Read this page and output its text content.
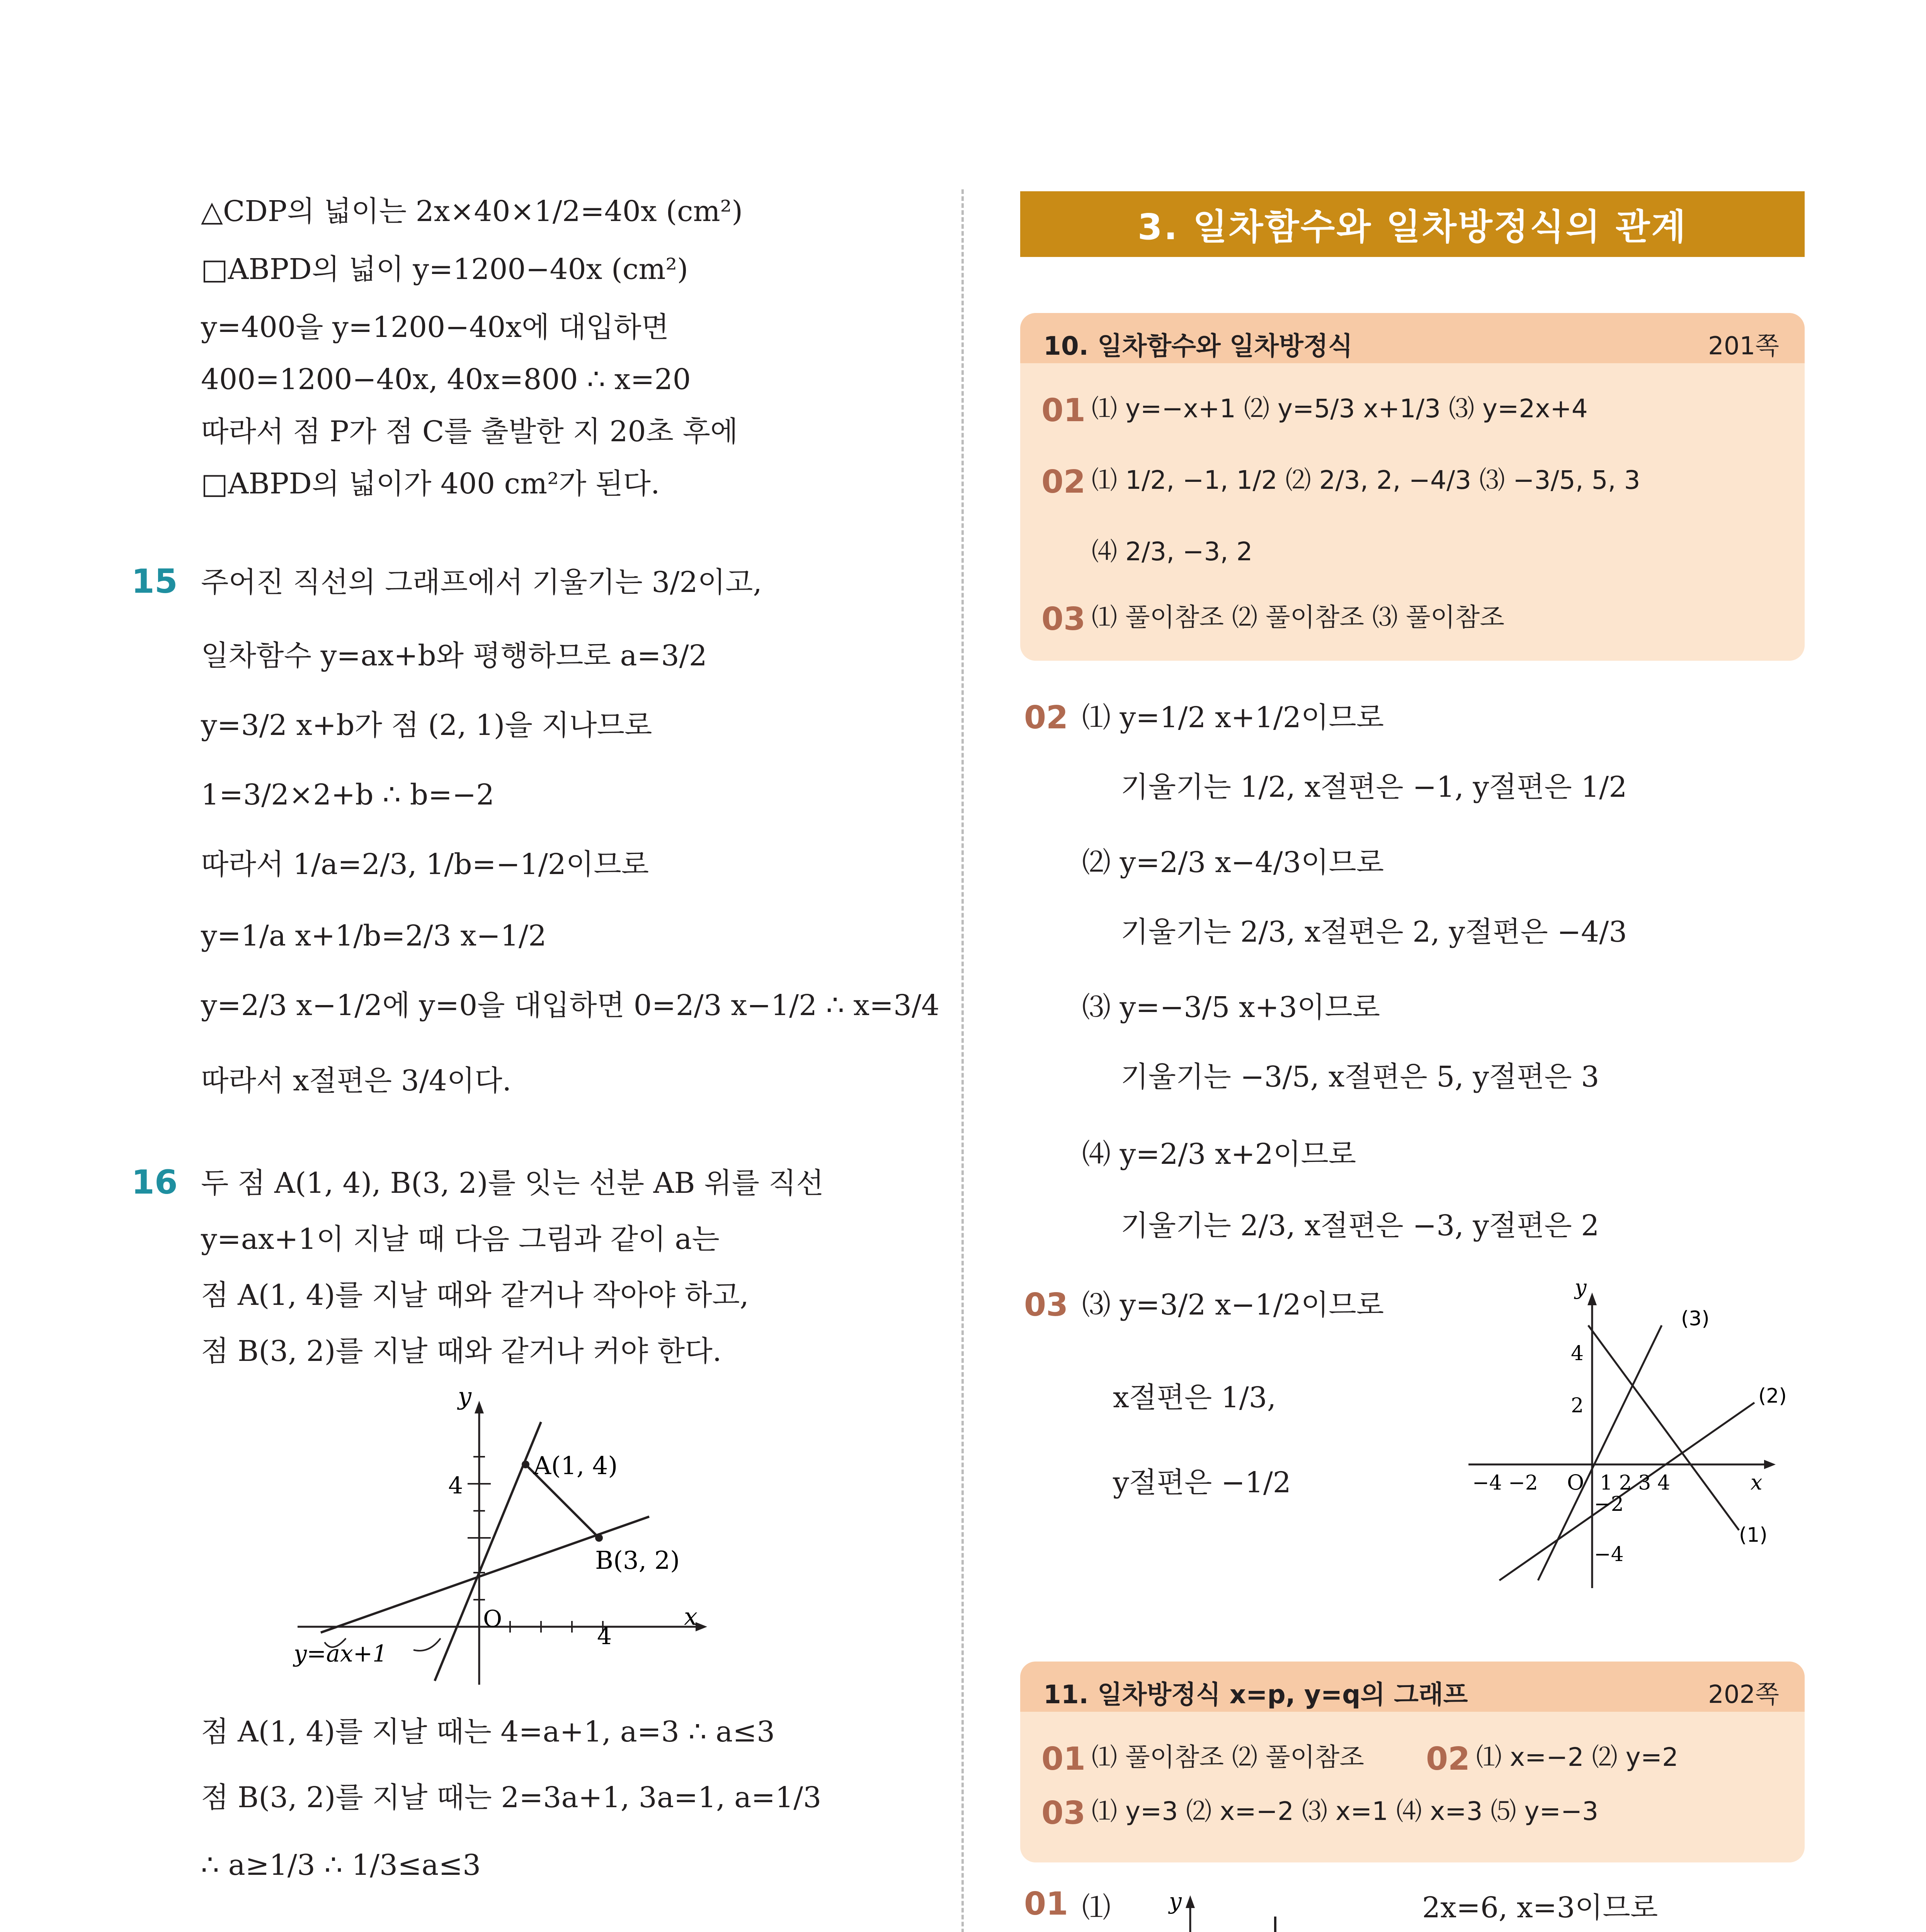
△CDP의 넓이는 2x×40×1/2=40x (cm²)
□ABPD의 넓이 y=1200−40x (cm²)
y=400을 y=1200−40x에 대입하면
400=1200−40x, 40x=800 ∴ x=20
따라서 점 P가 점 C를 출발한 지 20초 후에
□ABPD의 넓이가 400 cm²가 된다.
15 주어진 직선의 그래프에서 기울기는 3/2이고,
일차함수 y=ax+b와 평행하므로 a=3/2
y=3/2 x+b가 점 (2, 1)을 지나므로
1=3/2×2+b ∴ b=−2
따라서 1/a=2/3, 1/b=−1/2이므로
y=1/a x+1/b=2/3 x−1/2
y=2/3 x−1/2에 y=0을 대입하면 0=2/3 x−1/2 ∴ x=3/4
따라서 x절편은 3/4이다.
16 두 점 A(1, 4), B(3, 2)를 잇는 선분 AB 위를 직선
y=ax+1이 지날 때 다음 그림과 같이 a는
점 A(1, 4)를 지날 때와 같거나 작아야 하고,
점 B(3, 2)를 지날 때와 같거나 커야 한다.
y
x
O
4
4
A(1, 4)
B(3, 2)
y=ax+1
점 A(1, 4)를 지날 때는 4=a+1, a=3 ∴ a≤3
점 B(3, 2)를 지날 때는 2=3a+1, 3a=1, a=1/3
∴ a≥1/3 ∴ 1/3≤a≤3
3. 일차함수와 일차방정식의 관계
10. 일차함수와 일차방정식	201쪽
01 ⑴ y=−x+1 ⑵ y=5/3 x+1/3 ⑶ y=2x+4
02 ⑴ 1/2, −1, 1/2 ⑵ 2/3, 2, −4/3 ⑶ −3/5, 5, 3
⑷ 2/3, −3, 2
03 ⑴ 풀이참조 ⑵ 풀이참조 ⑶ 풀이참조
02 ⑴ y=1/2 x+1/2이므로
기울기는 1/2, x절편은 −1, y절편은 1/2
⑵ y=2/3 x−4/3이므로
기울기는 2/3, x절편은 2, y절편은 −4/3
⑶ y=−3/5 x+3이므로
기울기는 −3/5, x절편은 5, y절편은 3
⑷ y=2/3 x+2이므로
기울기는 2/3, x절편은 −3, y절편은 2
03 ⑶ y=3/2 x−1/2이므로
x절편은 1/3,
y절편은 −1/2
y
x
O
4
2
−2
−4
−4 −2	1 2 3 4
(1)
(2)
(3)
11. 일차방정식 x=p, y=q의 그래프	202쪽
01 ⑴ 풀이참조 ⑵ 풀이참조 02 ⑴ x=−2 ⑵ y=2
03 ⑴ y=3 ⑵ x=−2 ⑶ x=1 ⑷ x=3 ⑸ y=−3
01 ⑴	y	2x=6, x=3이므로
